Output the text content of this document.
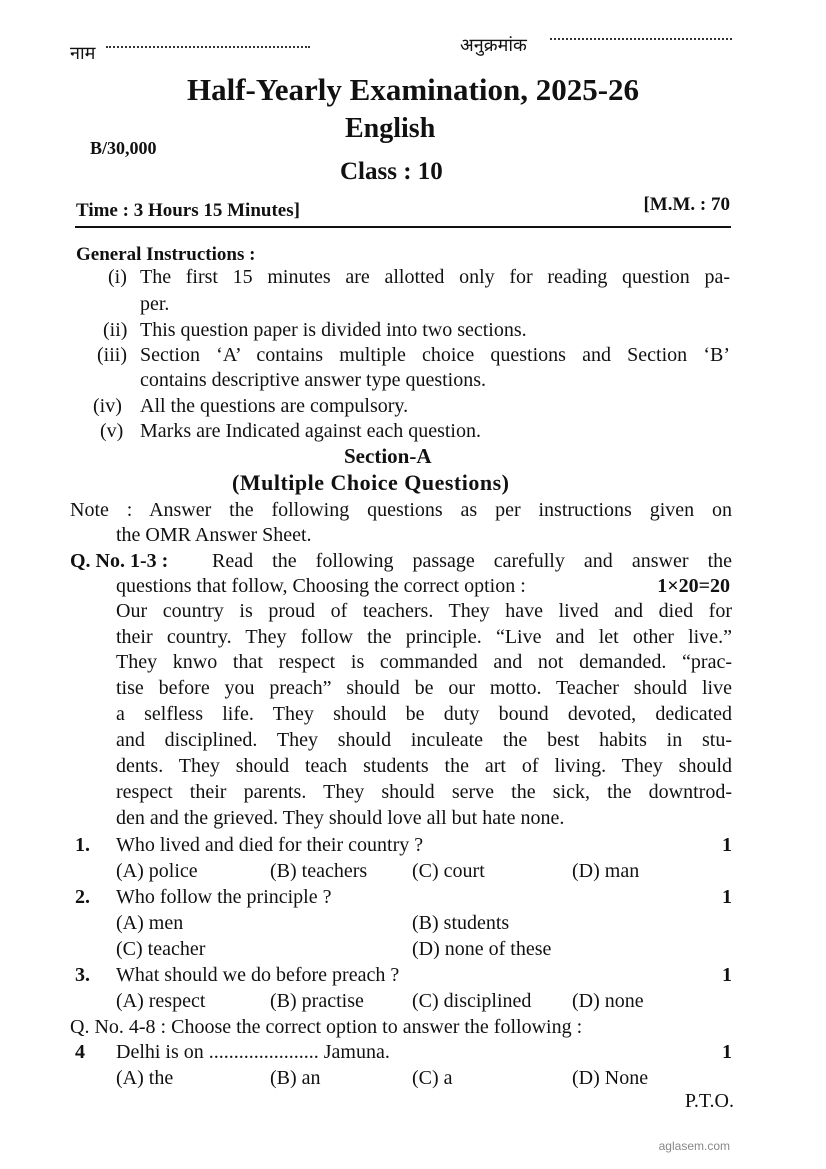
नाम	अनुक्रमांक
Half-Yearly Examination, 2025-26
English
B/30,000
Class : 10
Time : 3 Hours 15 Minutes]	[M.M. : 70
General Instructions :
(i) The first 15 minutes are allotted only for reading question pa-
per.
(ii) This question paper is divided into two sections.
(iii) Section ‘A’ contains multiple choice questions and Section ‘B’
contains descriptive answer type questions.
(iv) All the questions are compulsory.
(v) Marks are Indicated against each question.
Section-A
(Multiple Choice Questions)
Note : Answer the following questions as per instructions given on
the OMR Answer Sheet.
Q. No. 1-3 : Read the following passage carefully and answer the
questions that follow, Choosing the correct option :	1×20=20
Our country is proud of teachers. They have lived and died for
their country. They follow the principle. “Live and let other live.”
They knwo that respect is commanded and not demanded. “prac-
tise before you preach” should be our motto. Teacher should live
a selfless life. They should be duty bound devoted, dedicated
and disciplined. They should inculeate the best habits in stu-
dents. They should teach students the art of living. They should
respect their parents. They should serve the sick, the downtrod-
den and the grieved. They should love all but hate none.
1. Who lived and died for their country ?	1
(A) police	(B) teachers (C) court	(D) man
2. Who follow the principle ?	1
(A) men	(B) students
(C) teacher	(D) none of these
3. What should we do before preach ?	1
(A) respect	(B) practise (C) disciplined (D) none
Q. No. 4-8 : Choose the correct option to answer the following :
4 Delhi is on ...................... Jamuna.	1
(A) the	(B) an	(C) a	(D) None
P.T.O.
aglasem.com
